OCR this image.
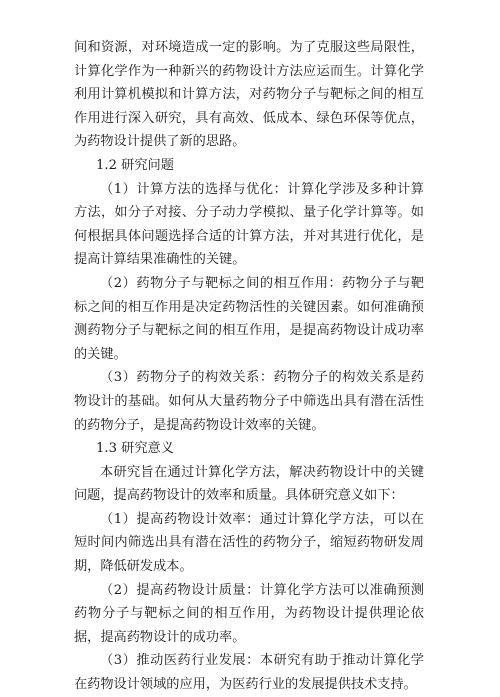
间和资源，对环境造成一定的影响。为了克服这些局限性，计算化学作为一种新兴的药物设计方法应运而生。计算化学利用计算机模拟和计算方法，对药物分子与靶标之间的相互作用进行深入研究，具有高效、低成本、绿色环保等优点，为药物设计提供了新的思路。

1.2 研究问题

（1）计算方法的选择与优化：计算化学涉及多种计算方法，如分子对接、分子动力学模拟、量子化学计算等。如何根据具体问题选择合适的计算方法，并对其进行优化，是提高计算结果准确性的关键。

（2）药物分子与靶标之间的相互作用：药物分子与靶标之间的相互作用是决定药物活性的关键因素。如何准确预测药物分子与靶标之间的相互作用，是提高药物设计成功率的关键。

（3）药物分子的构效关系：药物分子的构效关系是药物设计的基础。如何从大量药物分子中筛选出具有潜在活性的药物分子，是提高药物设计效率的关键。

1.3 研究意义

本研究旨在通过计算化学方法，解决药物设计中的关键问题，提高药物设计的效率和质量。具体研究意义如下：

（1）提高药物设计效率：通过计算化学方法，可以在短时间内筛选出具有潜在活性的药物分子，缩短药物研发周期，降低研发成本。

（2）提高药物设计质量：计算化学方法可以准确预测药物分子与靶标之间的相互作用，为药物设计提供理论依据，提高药物设计的成功率。

（3）推动医药行业发展：本研究有助于推动计算化学在药物设计领域的应用，为医药行业的发展提供技术支持。
